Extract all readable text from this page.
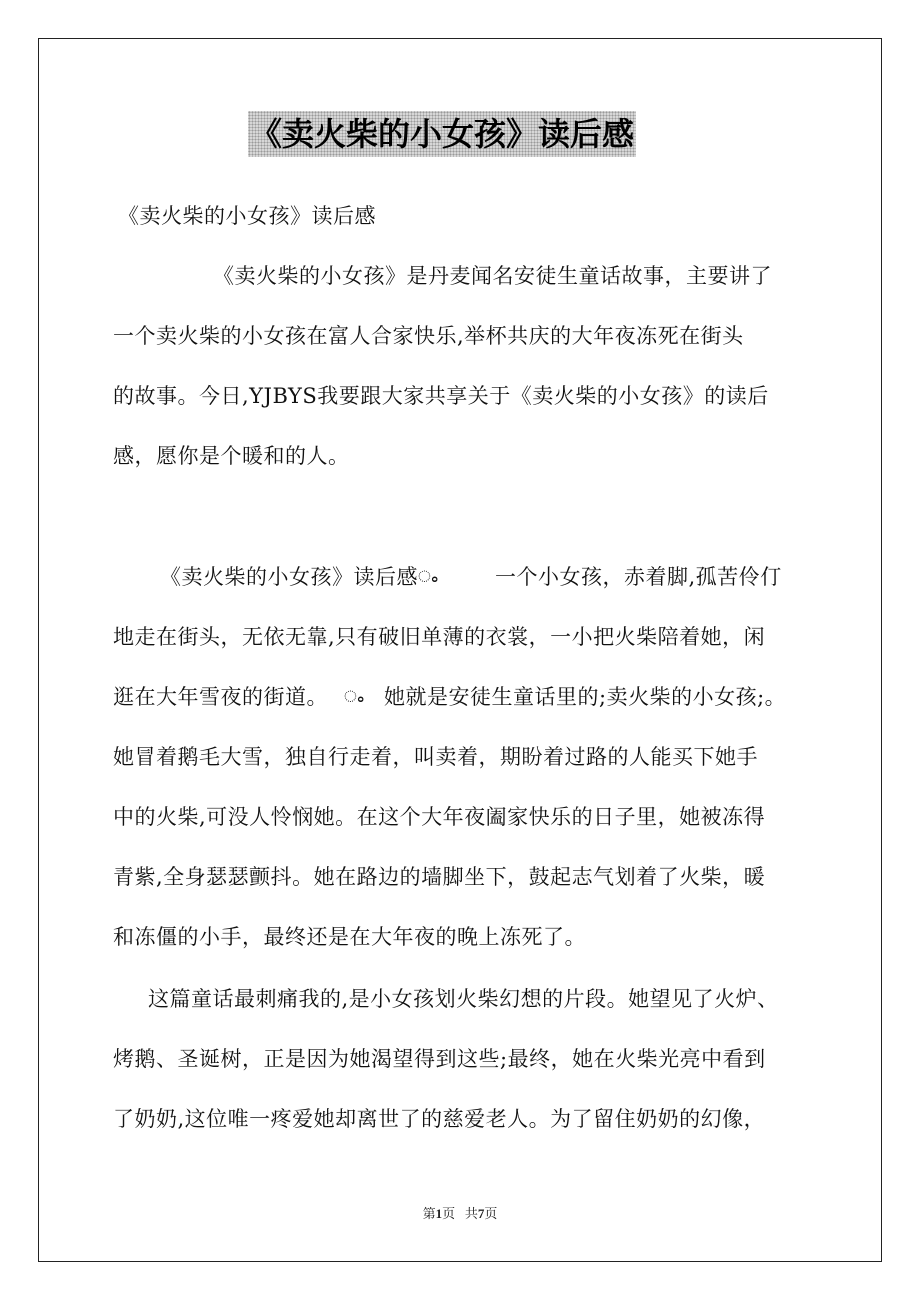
《卖火柴的小女孩》读后感
《卖火柴的小女孩》读后感
《卖火柴的小女孩》是丹麦闻名安徒生童话故事，主要讲了
一个卖火柴的小女孩在富人合家快乐,举杯共庆的大年夜冻死在街头
的故事。今日,YJBYS我要跟大家共享关于《卖火柴的小女孩》的读后
感，愿你是个暖和的人。
《卖火柴的小女孩》读后感ം	一个小女孩，赤着脚,孤苦伶仃
地走在街头，无依无靠,只有破旧单薄的衣裳，一小把火柴陪着她，闲
逛在大年雪夜的街道。 ം 她就是安徒生童话里的;卖火柴的小女孩;。
她冒着鹅毛大雪，独自行走着，叫卖着，期盼着过路的人能买下她手
中的火柴,可没人怜悯她。在这个大年夜阖家快乐的日子里，她被冻得
青紫,全身瑟瑟颤抖。她在路边的墙脚坐下，鼓起志气划着了火柴，暖
和冻僵的小手，最终还是在大年夜的晚上冻死了。
这篇童话最刺痛我的,是小女孩划火柴幻想的片段。她望见了火炉、
烤鹅、圣诞树，正是因为她渴望得到这些;最终，她在火柴光亮中看到
了奶奶,这位唯一疼爱她却离世了的慈爱老人。为了留住奶奶的幻像，
第1页 共7页
